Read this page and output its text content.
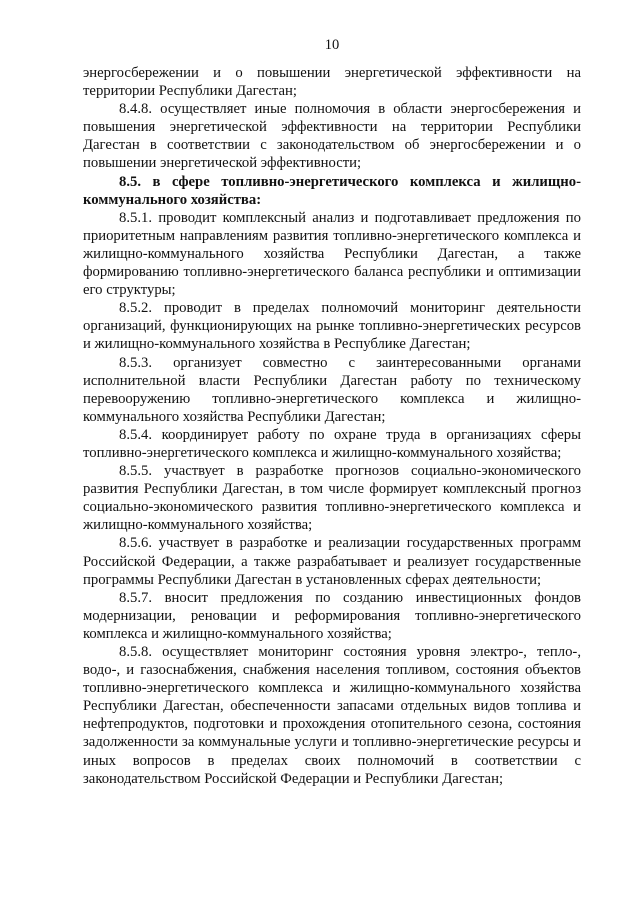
10

энергосбережении и о повышении энергетической эффективности на территории Республики Дагестан;

8.4.8. осуществляет иные полномочия в области энергосбережения и повышения энергетической эффективности на территории Республики Дагестан в соответствии с законодательством об энергосбережении и о повышении энергетической эффективности;

8.5. в сфере топливно-энергетического комплекса и жилищно-коммунального хозяйства:

8.5.1. проводит комплексный анализ и подготавливает предложения по приоритетным направлениям развития топливно-энергетического комплекса и жилищно-коммунального хозяйства Республики Дагестан, а также формированию топливно-энергетического баланса республики и оптимизации его структуры;

8.5.2. проводит в пределах полномочий мониторинг деятельности организаций, функционирующих на рынке топливно-энергетических ресурсов и жилищно-коммунального хозяйства в Республике Дагестан;

8.5.3. организует совместно с заинтересованными органами исполнительной власти Республики Дагестан работу по техническому перевооружению топливно-энергетического комплекса и жилищно-коммунального хозяйства Республики Дагестан;

8.5.4. координирует работу по охране труда в организациях сферы топливно-энергетического комплекса и жилищно-коммунального хозяйства;

8.5.5. участвует в разработке прогнозов социально-экономического развития Республики Дагестан, в том числе формирует комплексный прогноз социально-экономического развития топливно-энергетического комплекса и жилищно-коммунального хозяйства;

8.5.6. участвует в разработке и реализации государственных программ Российской Федерации, а также разрабатывает и реализует государственные программы Республики Дагестан в установленных сферах деятельности;

8.5.7. вносит предложения по созданию инвестиционных фондов модернизации, реновации и реформирования топливно-энергетического комплекса и жилищно-коммунального хозяйства;

8.5.8. осуществляет мониторинг состояния уровня электро-, тепло-, водо-, и газоснабжения, снабжения населения топливом, состояния объектов топливно-энергетического комплекса и жилищно-коммунального хозяйства Республики Дагестан, обеспеченности запасами отдельных видов топлива и нефтепродуктов, подготовки и прохождения отопительного сезона, состояния задолженности за коммунальные услуги и топливно-энергетические ресурсы и иных вопросов в пределах своих полномочий в соответствии с законодательством Российской Федерации и Республики Дагестан;
